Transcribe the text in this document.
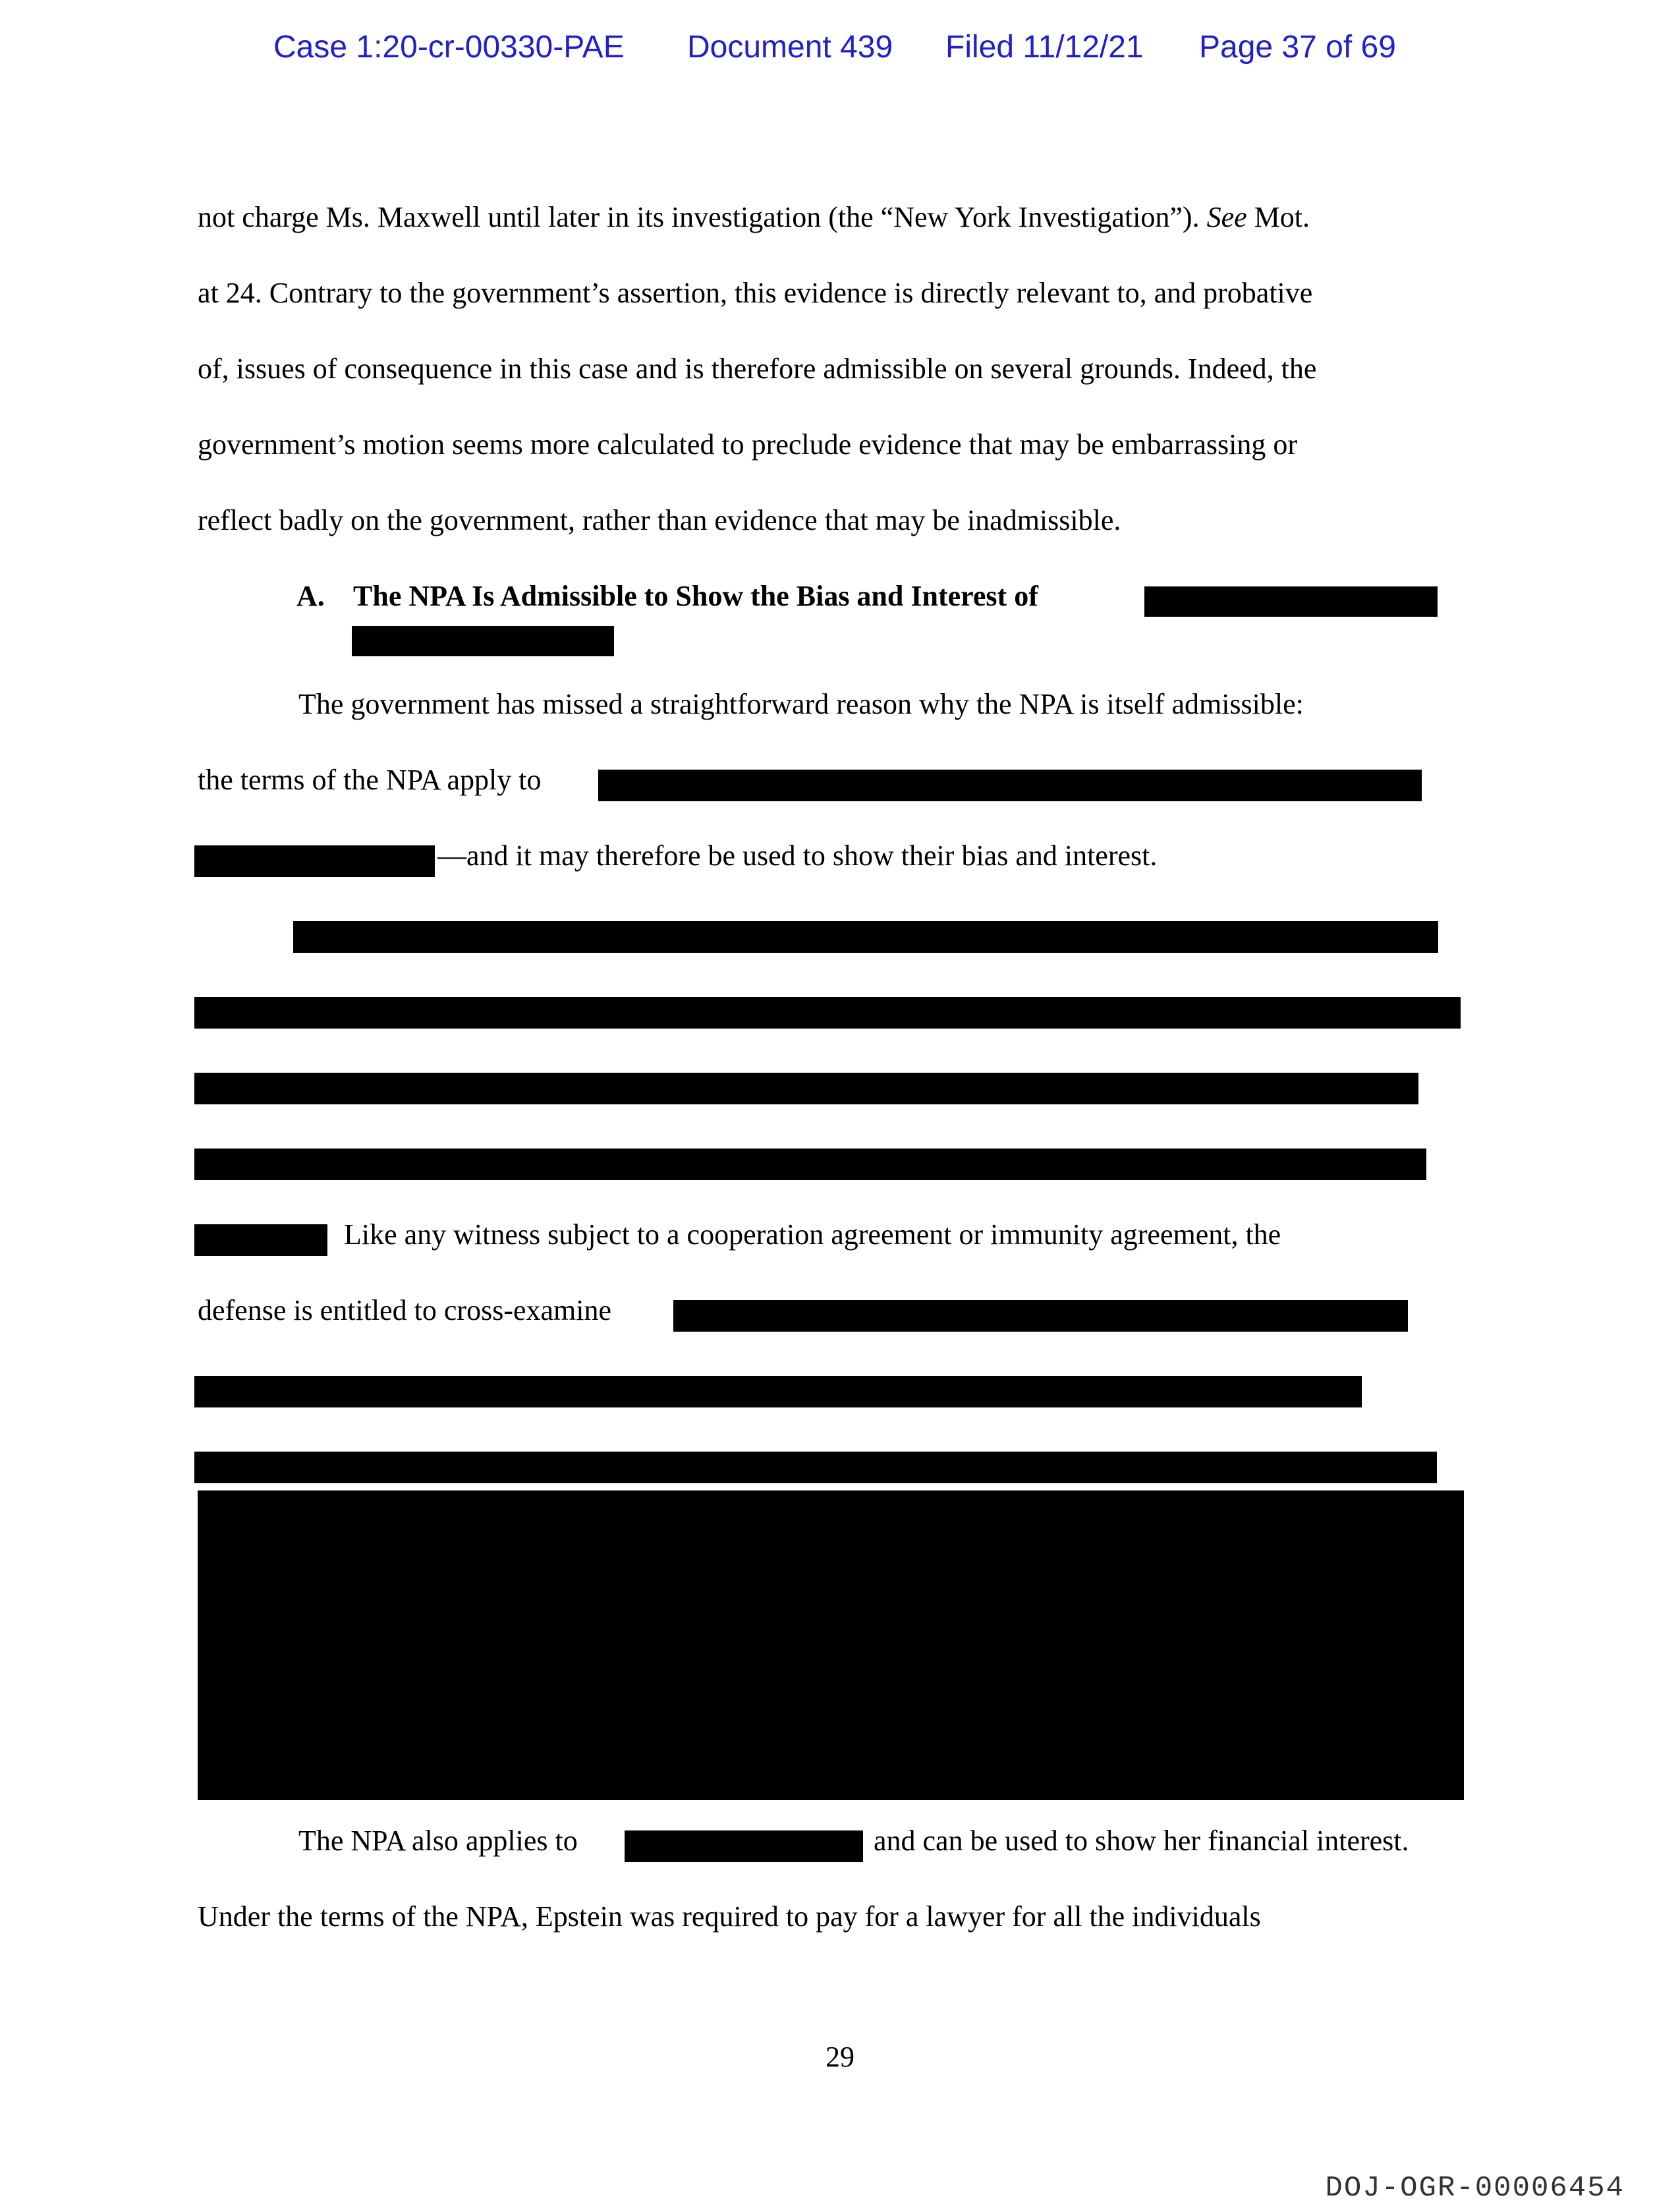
Case 1:20-cr-00330-PAE Document 439 Filed 11/12/21 Page 37 of 69
not charge Ms. Maxwell until later in its investigation (the “New York Investigation”). See Mot.
at 24. Contrary to the government’s assertion, this evidence is directly relevant to, and probative
of, issues of consequence in this case and is therefore admissible on several grounds. Indeed, the
government’s motion seems more calculated to preclude evidence that may be embarrassing or
reflect badly on the government, rather than evidence that may be inadmissible.
A. The NPA Is Admissible to Show the Bias and Interest of
The government has missed a straightforward reason why the NPA is itself admissible:
the terms of the NPA apply to
—and it may therefore be used to show their bias and interest.
Like any witness subject to a cooperation agreement or immunity agreement, the
defense is entitled to cross-examine
The NPA also applies to	and can be used to show her financial interest.
Under the terms of the NPA, Epstein was required to pay for a lawyer for all the individuals
29
DOJ-OGR-00006454
